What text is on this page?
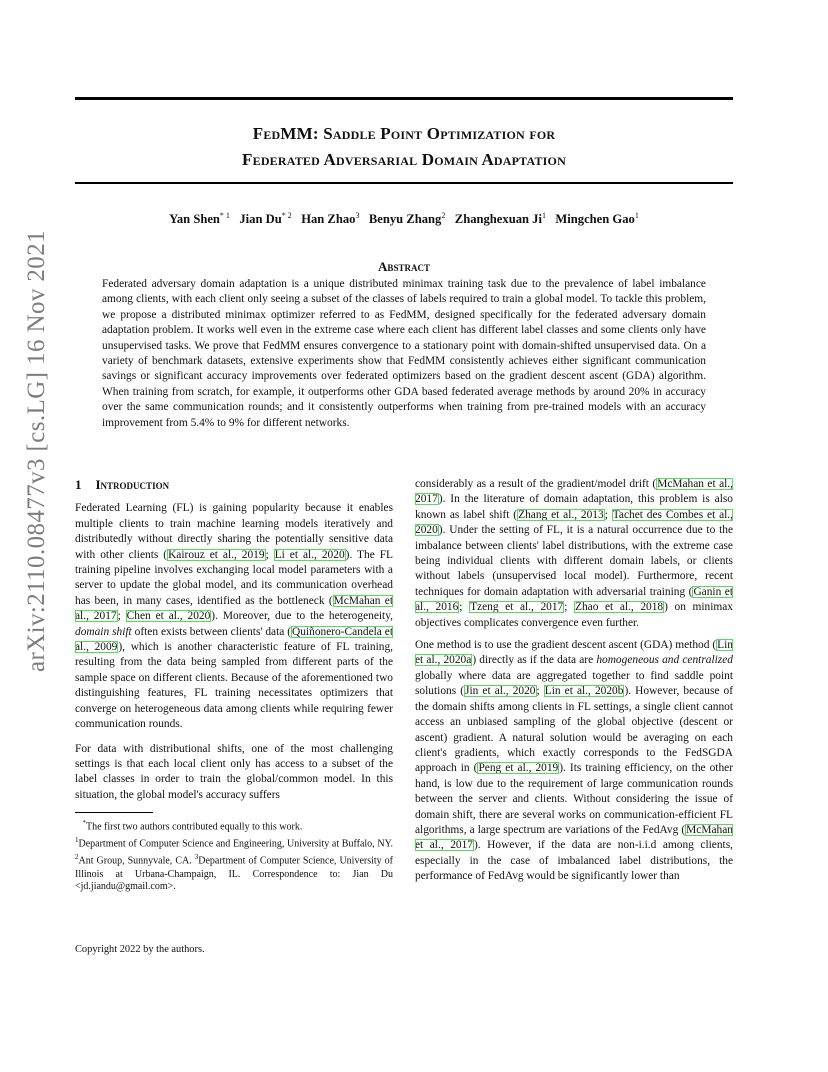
arXiv:2110.08477v3 [cs.LG] 16 Nov 2021
FedMM: Saddle Point Optimization for
Federated Adversarial Domain Adaptation
Yan Shen$^{* 1}$ Jian Du$^{* 2}$ Han Zhao$^3$ Benyu Zhang$^2$ Zhanghexuan Ji$^1$ Mingchen Gao$^1$
Abstract
Federated adversary domain adaptation is a unique distributed minimax training task due to the prevalence of label imbalance among clients, with each client only seeing a subset of the classes of labels required to train a global model. To tackle this problem, we propose a distributed minimax optimizer referred to as FedMM, designed specifically for the federated adversary domain adaptation problem. It works well even in the extreme case where each client has different label classes and some clients only have unsupervised tasks. We prove that FedMM ensures convergence to a stationary point with domain-shifted unsupervised data. On a variety of benchmark datasets, extensive experiments show that FedMM consistently achieves either significant communication savings or significant accuracy improvements over federated optimizers based on the gradient descent ascent (GDA) algorithm. When training from scratch, for example, it outperforms other GDA based federated average methods by around 20% in accuracy over the same communication rounds; and it consistently outperforms when training from pre-trained models with an accuracy improvement from 5.4% to 9% for different networks.
1 Introduction

Federated Learning (FL) is gaining popularity because it enables multiple clients to train machine learning models iteratively and distributedly without directly sharing the potentially sensitive data with other clients (Kairouz et al., 2019; Li et al., 2020). The FL training pipeline involves exchanging local model parameters with a server to update the global model, and its communication overhead has been, in many cases, identified as the bottleneck (McMahan et al., 2017; Chen et al., 2020). Moreover, due to the heterogeneity, domain shift often exists between clients' data (Quiñonero-Candela et al., 2009), which is another characteristic feature of FL training, resulting from the data being sampled from different parts of the sample space on different clients. Because of the aforementioned two distinguishing features, FL training necessitates optimizers that converge on heterogeneous data among clients while requiring fewer communication rounds.

For data with distributional shifts, one of the most challenging settings is that each local client only has access to a subset of the label classes in order to train the global/common model. In this situation, the global model's accuracy suffers

*The first two authors contributed equally to this work.
$^1$Department of Computer Science and Engineering, University at Buffalo, NY. $^2$Ant Group, Sunnyvale, CA. $^3$Department of Computer Science, University of Illinois at Urbana-Champaign, IL. Correspondence to: Jian Du <jd.jiandu@gmail.com>.
Copyright 2022 by the authors.

considerably as a result of the gradient/model drift (McMahan et al., 2017). In the literature of domain adaptation, this problem is also known as label shift (Zhang et al., 2013; Tachet des Combes et al., 2020). Under the setting of FL, it is a natural occurrence due to the imbalance between clients' label distributions, with the extreme case being individual clients with different domain labels, or clients without labels (unsupervised local model). Furthermore, recent techniques for domain adaptation with adversarial training (Ganin et al., 2016; Tzeng et al., 2017; Zhao et al., 2018) on minimax objectives complicates convergence even further.

One method is to use the gradient descent ascent (GDA) method (Lin et al., 2020a) directly as if the data are homogeneous and centralized globally where data are aggregated together to find saddle point solutions (Jin et al., 2020; Lin et al., 2020b). However, because of the domain shifts among clients in FL settings, a single client cannot access an unbiased sampling of the global objective (descent or ascent) gradient. A natural solution would be averaging on each client's gradients, which exactly corresponds to the FedSGDA approach in (Peng et al., 2019). Its training efficiency, on the other hand, is low due to the requirement of large communication rounds between the server and clients. Without considering the issue of domain shift, there are several works on communication-efficient FL algorithms, a large spectrum are variations of the FedAvg (McMahan et al., 2017). However, if the data are non-i.i.d among clients, especially in the case of imbalanced label distributions, the performance of FedAvg would be significantly lower than
